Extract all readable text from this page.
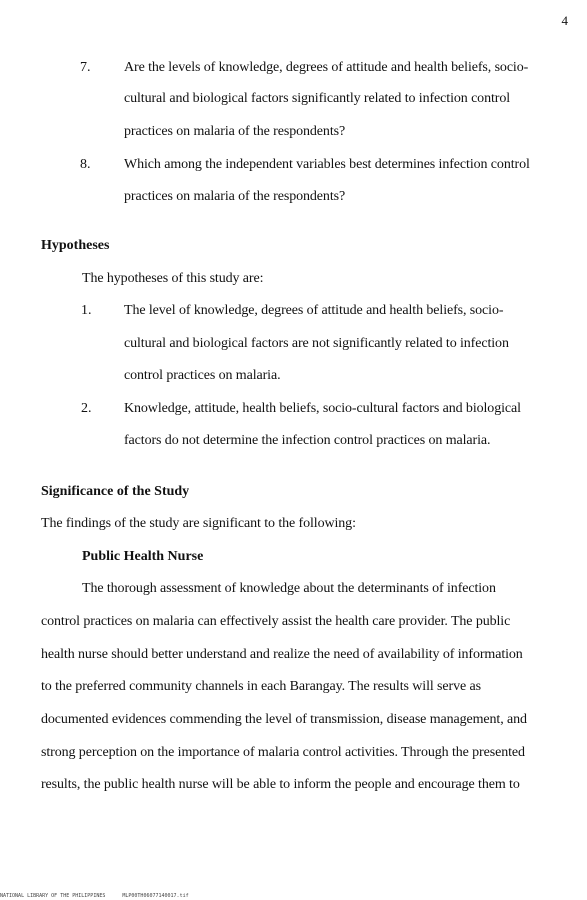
4
7. Are the levels of knowledge, degrees of attitude and health beliefs, socio-
cultural and biological factors significantly related to infection control
practices on malaria of the respondents?
8. Which among the independent variables best determines infection control
practices on malaria of the respondents?
Hypotheses
The hypotheses of this study are:
1. The level of knowledge, degrees of attitude and health beliefs, socio-
cultural and biological factors are not significantly related to infection
control practices on malaria.
2. Knowledge, attitude, health beliefs, socio-cultural factors and biological
factors do not determine the infection control practices on malaria.
Significance of the Study
The findings of the study are significant to the following:
Public Health Nurse
The thorough assessment of knowledge about the determinants of infection
control practices on malaria can effectively assist the health care provider. The public
health nurse should better understand and realize the need of availability of information
to the preferred community channels in each Barangay. The results will serve as
documented evidences commending the level of transmission, disease management, and
strong perception on the importance of malaria control activities. Through the presented
results, the public health nurse will be able to inform the people and encourage them to
NATIONAL LIBRARY OF THE PHILIPPINES	MLP00TH06077140017.tif
